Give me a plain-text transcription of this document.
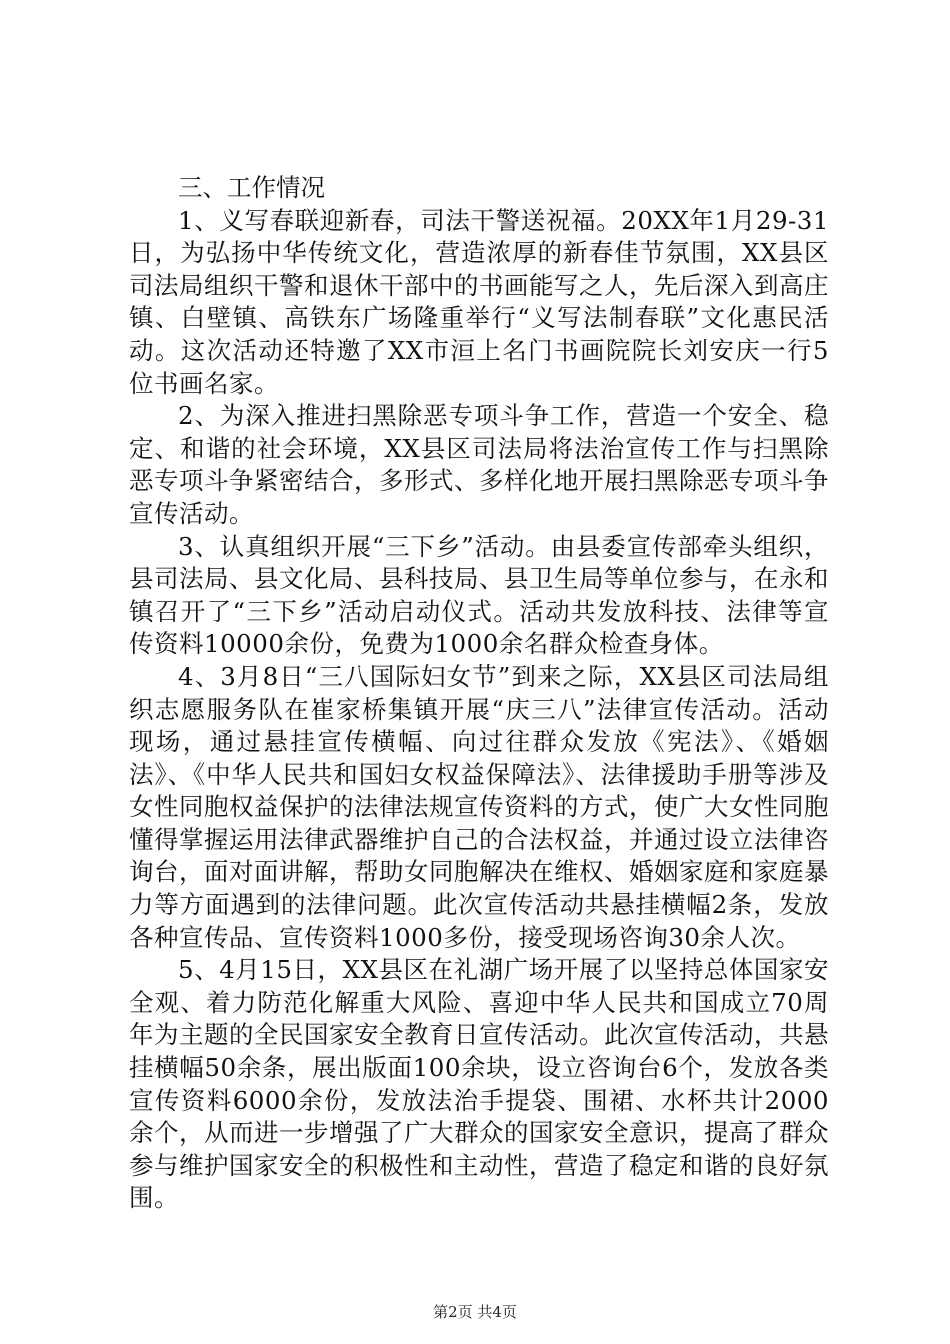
三、工作情况

1、义写春联迎新春，司法干警送祝福。20XX年1月29-31日，为弘扬中华传统文化，营造浓厚的新春佳节氛围，XX县区司法局组织干警和退休干部中的书画能写之人，先后深入到高庄镇、白壁镇、高铁东广场隆重举行“义写法制春联”文化惠民活动。这次活动还特邀了XX市洹上名门书画院院长刘安庆一行5位书画名家。

2、为深入推进扫黑除恶专项斗争工作，营造一个安全、稳定、和谐的社会环境，XX县区司法局将法治宣传工作与扫黑除恶专项斗争紧密结合，多形式、多样化地开展扫黑除恶专项斗争宣传活动。

3、认真组织开展“三下乡”活动。由县委宣传部牵头组织，县司法局、县文化局、县科技局、县卫生局等单位参与，在永和镇召开了“三下乡”活动启动仪式。活动共发放科技、法律等宣传资料10000余份，免费为1000余名群众检查身体。

4、3月8日“三八国际妇女节”到来之际，XX县区司法局组织志愿服务队在崔家桥集镇开展“庆三八”法律宣传活动。活动现场，通过悬挂宣传横幅、向过往群众发放《宪法》、《婚姻法》、《中华人民共和国妇女权益保障法》、法律援助手册等涉及女性同胞权益保护的法律法规宣传资料的方式，使广大女性同胞懂得掌握运用法律武器维护自己的合法权益，并通过设立法律咨询台，面对面讲解，帮助女同胞解决在维权、婚姻家庭和家庭暴力等方面遇到的法律问题。此次宣传活动共悬挂横幅2条，发放各种宣传品、宣传资料1000多份，接受现场咨询30余人次。

5、4月15日，XX县区在礼湖广场开展了以坚持总体国家安全观、着力防范化解重大风险、喜迎中华人民共和国成立70周年为主题的全民国家安全教育日宣传活动。此次宣传活动，共悬挂横幅50余条，展出版面100余块，设立咨询台6个，发放各类宣传资料6000余份，发放法治手提袋、围裙、水杯共计2000余个，从而进一步增强了广大群众的国家安全意识，提高了群众参与维护国家安全的积极性和主动性，营造了稳定和谐的良好氛围。

第2页 共4页
